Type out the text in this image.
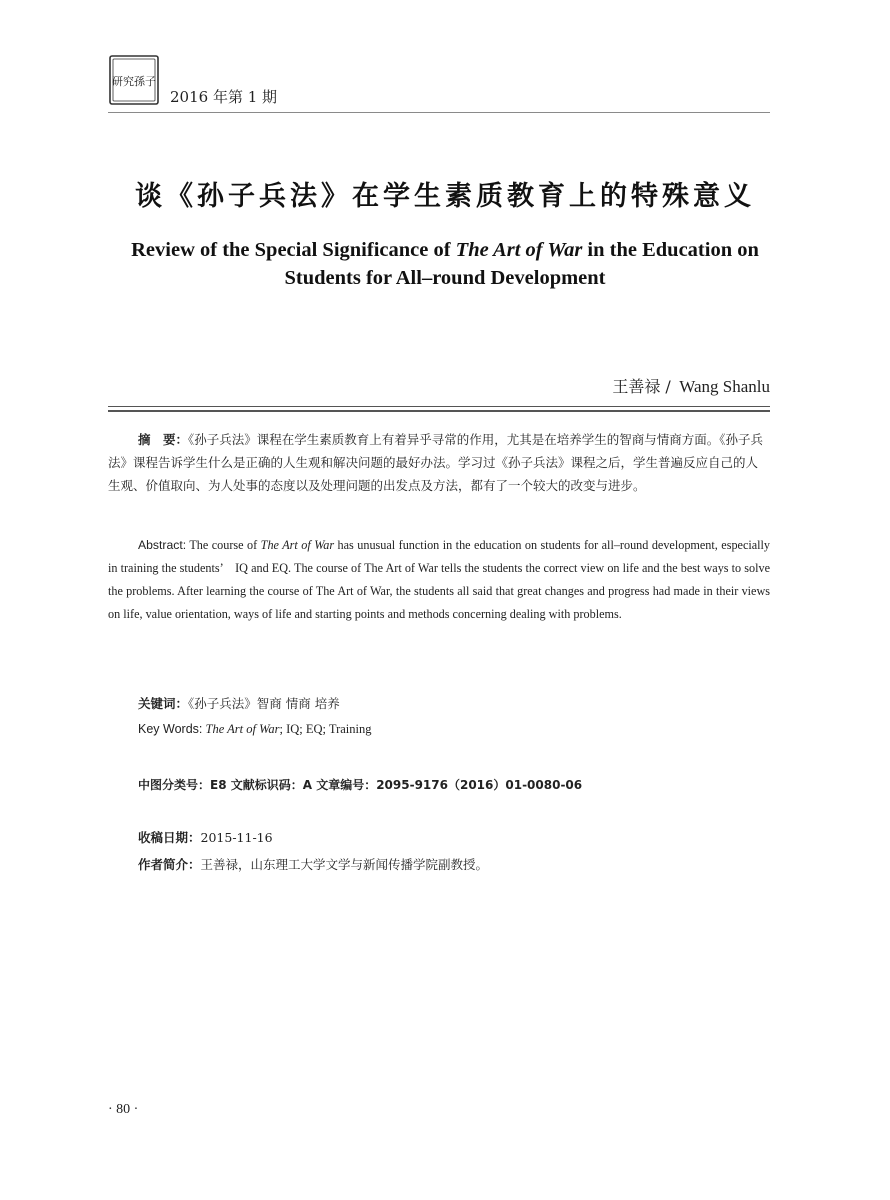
研究孫子
2016 年第 1 期
谈《孙子兵法》在学生素质教育上的特殊意义
Review of the Special Significance of The Art of War in the Education on Students for All–round Development
王善禄 / Wang Shanlu

摘　要：《孙子兵法》课程在学生素质教育上有着异乎寻常的作用，尤其是在培养学生的智商与情商方面。《孙子兵法》课程告诉学生什么是正确的人生观和解决问题的最好办法。学习过《孙子兵法》课程之后，学生普遍反应自己的人生观、价值取向、为人处事的态度以及处理问题的出发点及方法，都有了一个较大的改变与进步。

Abstract: The course of The Art of War has unusual function in the education on students for all–round development, especially in training the students’　IQ and EQ. The course of The Art of War tells the students the correct view on life and the best ways to solve the problems. After learning the course of The Art of War, the students all said that great changes and progress had made in their views on life, value orientation, ways of life and starting points and methods concerning dealing with problems.

关键词：《孙子兵法》智商 情商 培养
Key Words: The Art of War; IQ; EQ; Training
中图分类号：E8 文献标识码：A 文章编号：2095-9176（2016）01-0080-06
收稿日期：2015-11-16
作者简介：王善禄，山东理工大学文学与新闻传播学院副教授。
· 80 ·
